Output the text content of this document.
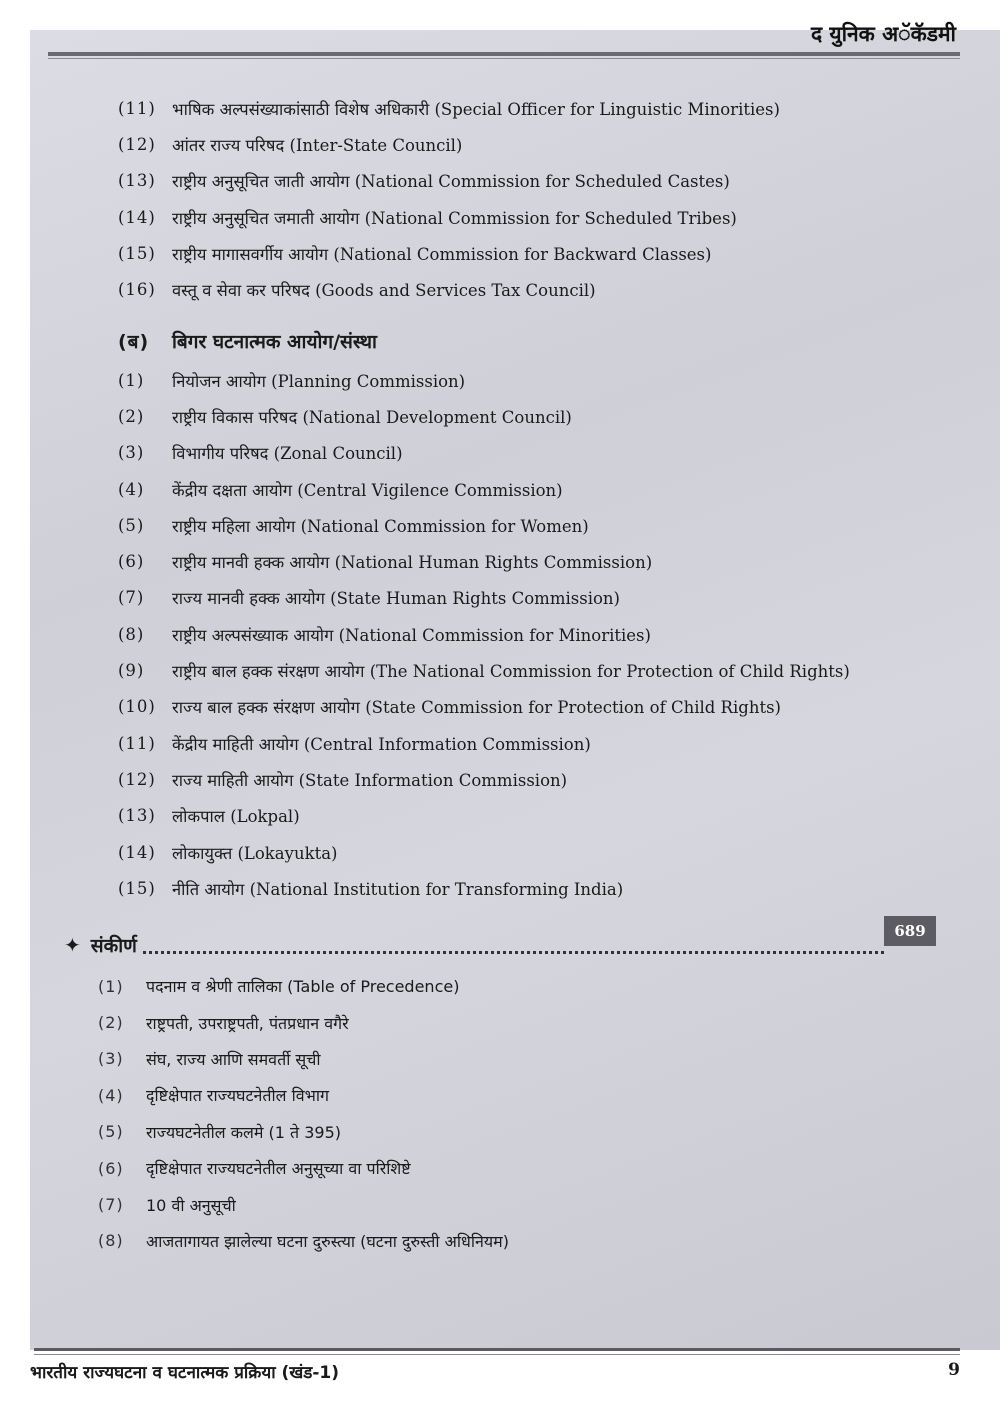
द युनिक अॅकॅडमी
(11) भाषिक अल्पसंख्याकांसाठी विशेष अधिकारी (Special Officer for Linguistic Minorities)
(12) आंतर राज्य परिषद (Inter-State Council)
(13) राष्ट्रीय अनुसूचित जाती आयोग (National Commission for Scheduled Castes)
(14) राष्ट्रीय अनुसूचित जमाती आयोग (National Commission for Scheduled Tribes)
(15) राष्ट्रीय मागासवर्गीय आयोग (National Commission for Backward Classes)
(16) वस्तू व सेवा कर परिषद (Goods and Services Tax Council)
(ब)	बिगर घटनात्मक आयोग/संस्था
(1)	नियोजन आयोग (Planning Commission)
(2)	राष्ट्रीय विकास परिषद (National Development Council)
(3)	विभागीय परिषद (Zonal Council)
(4)	केंद्रीय दक्षता आयोग (Central Vigilence Commission)
(5)	राष्ट्रीय महिला आयोग (National Commission for Women)
(6)	राष्ट्रीय मानवी हक्क आयोग (National Human Rights Commission)
(7)	राज्य मानवी हक्क आयोग (State Human Rights Commission)
(8)	राष्ट्रीय अल्पसंख्याक आयोग (National Commission for Minorities)
(9)	राष्ट्रीय बाल हक्क संरक्षण आयोग (The National Commission for Protection of Child Rights)
(10) राज्य बाल हक्क संरक्षण आयोग (State Commission for Protection of Child Rights)
(11) केंद्रीय माहिती आयोग (Central Information Commission)
(12) राज्य माहिती आयोग (State Information Commission)
(13) लोकपाल (Lokpal)
(14) लोकायुक्त (Lokayukta)
(15) नीति आयोग (National Institution for Transforming India)
✦ संकीर्ण
689
(1)	पदनाम व श्रेणी तालिका (Table of Precedence)
(2)	राष्ट्रपती, उपराष्ट्रपती, पंतप्रधान वगैरे
(3)	संघ, राज्य आणि समवर्ती सूची
(4)	दृष्टिक्षेपात राज्यघटनेतील विभाग
(5)	राज्यघटनेतील कलमे (1 ते 395)
(6)	दृष्टिक्षेपात राज्यघटनेतील अनुसूच्या वा परिशिष्टे
(7)	10 वी अनुसूची
(8)	आजतागायत झालेल्या घटना दुरुस्त्या (घटना दुरुस्ती अधिनियम)
भारतीय राज्यघटना व घटनात्मक प्रक्रिया (खंड-1)	9
